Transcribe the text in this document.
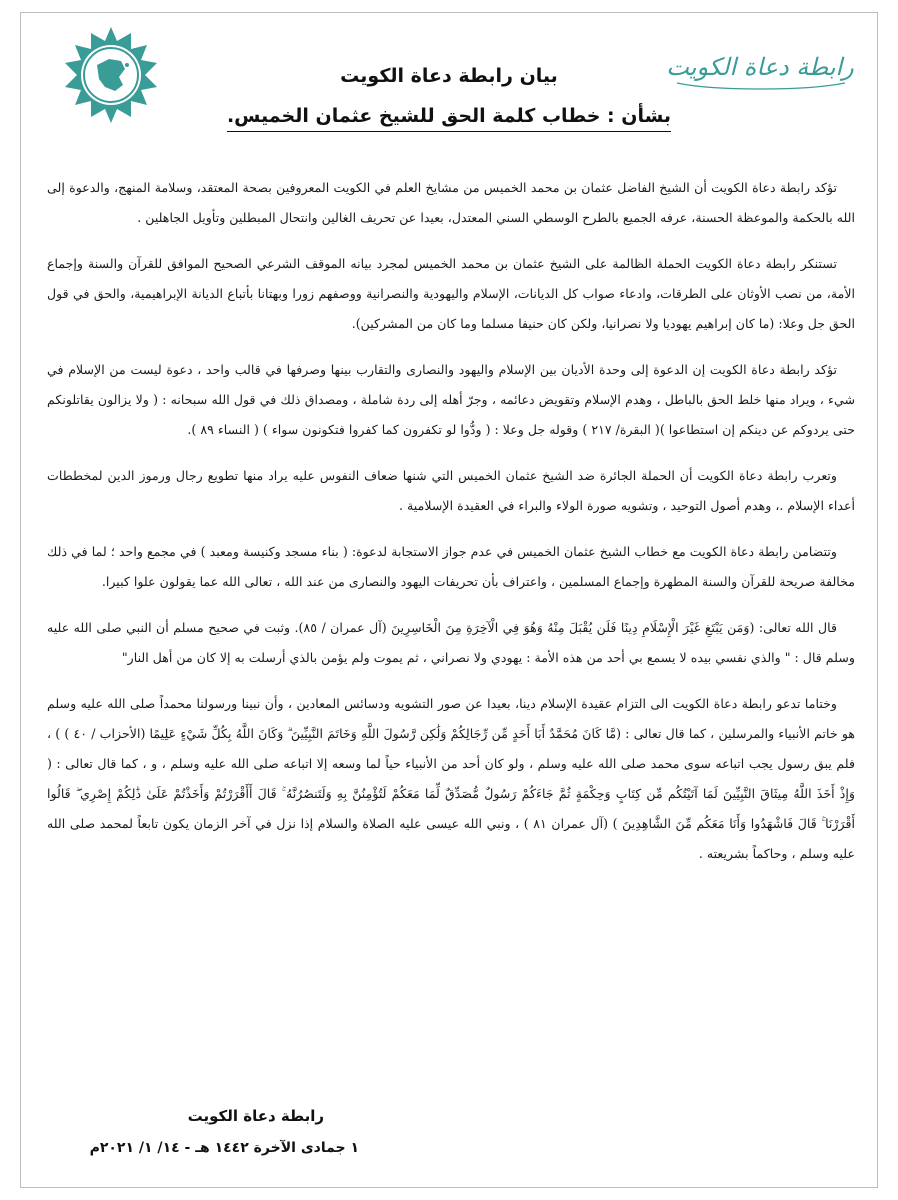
رابطة دعاة الكويت
بيان رابطة دعاة الكويت
بشأن : خطاب كلمة الحق للشيخ عثمان الخميس.

تؤكد رابطة دعاة الكويت أن الشيخ الفاضل عثمان بن محمد الخميس من مشايخ العلم في الكويت المعروفين بصحة المعتقد، وسلامة المنهج، والدعوة إلى الله بالحكمة والموعظة الحسنة، عرفه الجميع بالطرح الوسطي السني المعتدل، بعيدا عن تحريف الغالين وانتحال المبطلين وتأويل الجاهلين .

تستنكر رابطة دعاة الكويت الحملة الظالمة على الشيخ عثمان بن محمد الخميس لمجرد بيانه الموقف الشرعي الصحيح الموافق للقرآن والسنة وإجماع الأمة، من نصب الأوثان على الطرقات، وادعاء صواب كل الديانات، الإسلام واليهودية والنصرانية ووصفهم زورا وبهتانا بأتباع الديانة الإبراهيمية، والحق في قول الحق جل وعلا: (ما كان إبراهيم يهوديا ولا نصرانيا، ولكن كان حنيفا مسلما وما كان من المشركين).

تؤكد رابطة دعاة الكويت إن الدعوة إلى وحدة الأديان بين الإسلام واليهود والنصارى والتقارب بينها وصرفها في قالب واحد ، دعوة ليست من الإسلام في شيء ، ويراد منها خلط الحق بالباطل ، وهدم الإسلام وتقويض دعائمه ، وجرّ أهله إلى ردة شاملة ، ومصداق ذلك في قول الله سبحانه : ( ولا يزالون يقاتلونكم حتى يردوكم عن دينكم إن استطاعوا )( البقرة/ ٢١٧ ) وقوله جل وعلا : ( ودُّوا لو تكفرون كما كفروا فتكونون سواء ) ( النساء ٨٩ ).

وتعرب رابطة دعاة الكويت أن الحملة الجائرة ضد الشيخ عثمان الخميس التي شنها ضعاف النفوس عليه يراد منها تطويع رجال ورموز الدين لمخططات أعداء الإسلام .، وهدم أصول التوحيد ، وتشويه صورة الولاء والبراء في العقيدة الإسلامية .

وتتضامن رابطة دعاة الكويت مع خطاب الشيخ عثمان الخميس في عدم جواز الاستجابة لدعوة: ( بناء مسجد وكنيسة ومعبد ) في مجمع واحد ؛ لما في ذلك مخالفة صريحة للقرآن والسنة المطهرة وإجماع المسلمين ، واعتراف بأن تحريفات اليهود والنصارى من عند الله ، تعالى الله عما يقولون علوا كبيرا.

قال الله تعالى: (وَمَن يَبْتَغِ غَيْرَ الْإِسْلَامِ دِينًا فَلَن يُقْبَلَ مِنْهُ وَهُوَ فِي الْآخِرَةِ مِنَ الْخَاسِرِينَ (آل عمران / ٨٥). وثبت في صحيح مسلم أن النبي صلى الله عليه وسلم قال : " والذي نفسي بيده لا يسمع بي أحد من هذه الأمة : يهودي ولا نصراني ، ثم يموت ولم يؤمن بالذي أرسلت به إلا كان من أهل النار"

وختاما تدعو رابطة دعاة الكويت الى التزام عقيدة الإسلام دينا، بعيدا عن صور التشويه ودسائس المعادين ، وأن نبينا ورسولنا محمداً صلى الله عليه وسلم هو خاتم الأنبياء والمرسلين ، كما قال تعالى : (مَّا كَانَ مُحَمَّدٌ أَبَا أَحَدٍ مِّن رِّجَالِكُمْ وَلَٰكِن رَّسُولَ اللَّهِ وَخَاتَمَ النَّبِيِّينَ ۗ وَكَانَ اللَّهُ بِكُلِّ شَيْءٍ عَلِيمًا (الأحزاب / ٤٠ ) ) ، فلم يبق رسول يجب اتباعه سوى محمد صلى الله عليه وسلم ، ولو كان أحد من الأنبياء حياً لما وسعه إلا اتباعه صلى الله عليه وسلم ، و ، كما قال تعالى : ( وَإِذْ أَخَذَ اللَّهُ مِيثَاقَ النَّبِيِّينَ لَمَا آتَيْتُكُم مِّن كِتَابٍ وَحِكْمَةٍ ثُمَّ جَاءَكُمْ رَسُولٌ مُّصَدِّقٌ لِّمَا مَعَكُمْ لَتُؤْمِنُنَّ بِهِ وَلَتَنصُرُنَّهُ ۚ قَالَ أَأَقْرَرْتُمْ وَأَخَذْتُمْ عَلَىٰ ذَٰلِكُمْ إِصْرِي ۖ قَالُوا أَقْرَرْنَا ۚ قَالَ فَاشْهَدُوا وَأَنَا مَعَكُم مِّنَ الشَّاهِدِينَ ) (آل عمران ٨١ ) ، ونبي الله عيسى عليه الصلاة والسلام إذا نزل في آخر الزمان يكون تابعاً لمحمد صلى الله عليه وسلم ، وحاكماً بشريعته .

رابطة دعاة الكويت
١ جمادى الآخرة ١٤٤٢ هـ - ١٤/ ١/ ٢٠٢١م
